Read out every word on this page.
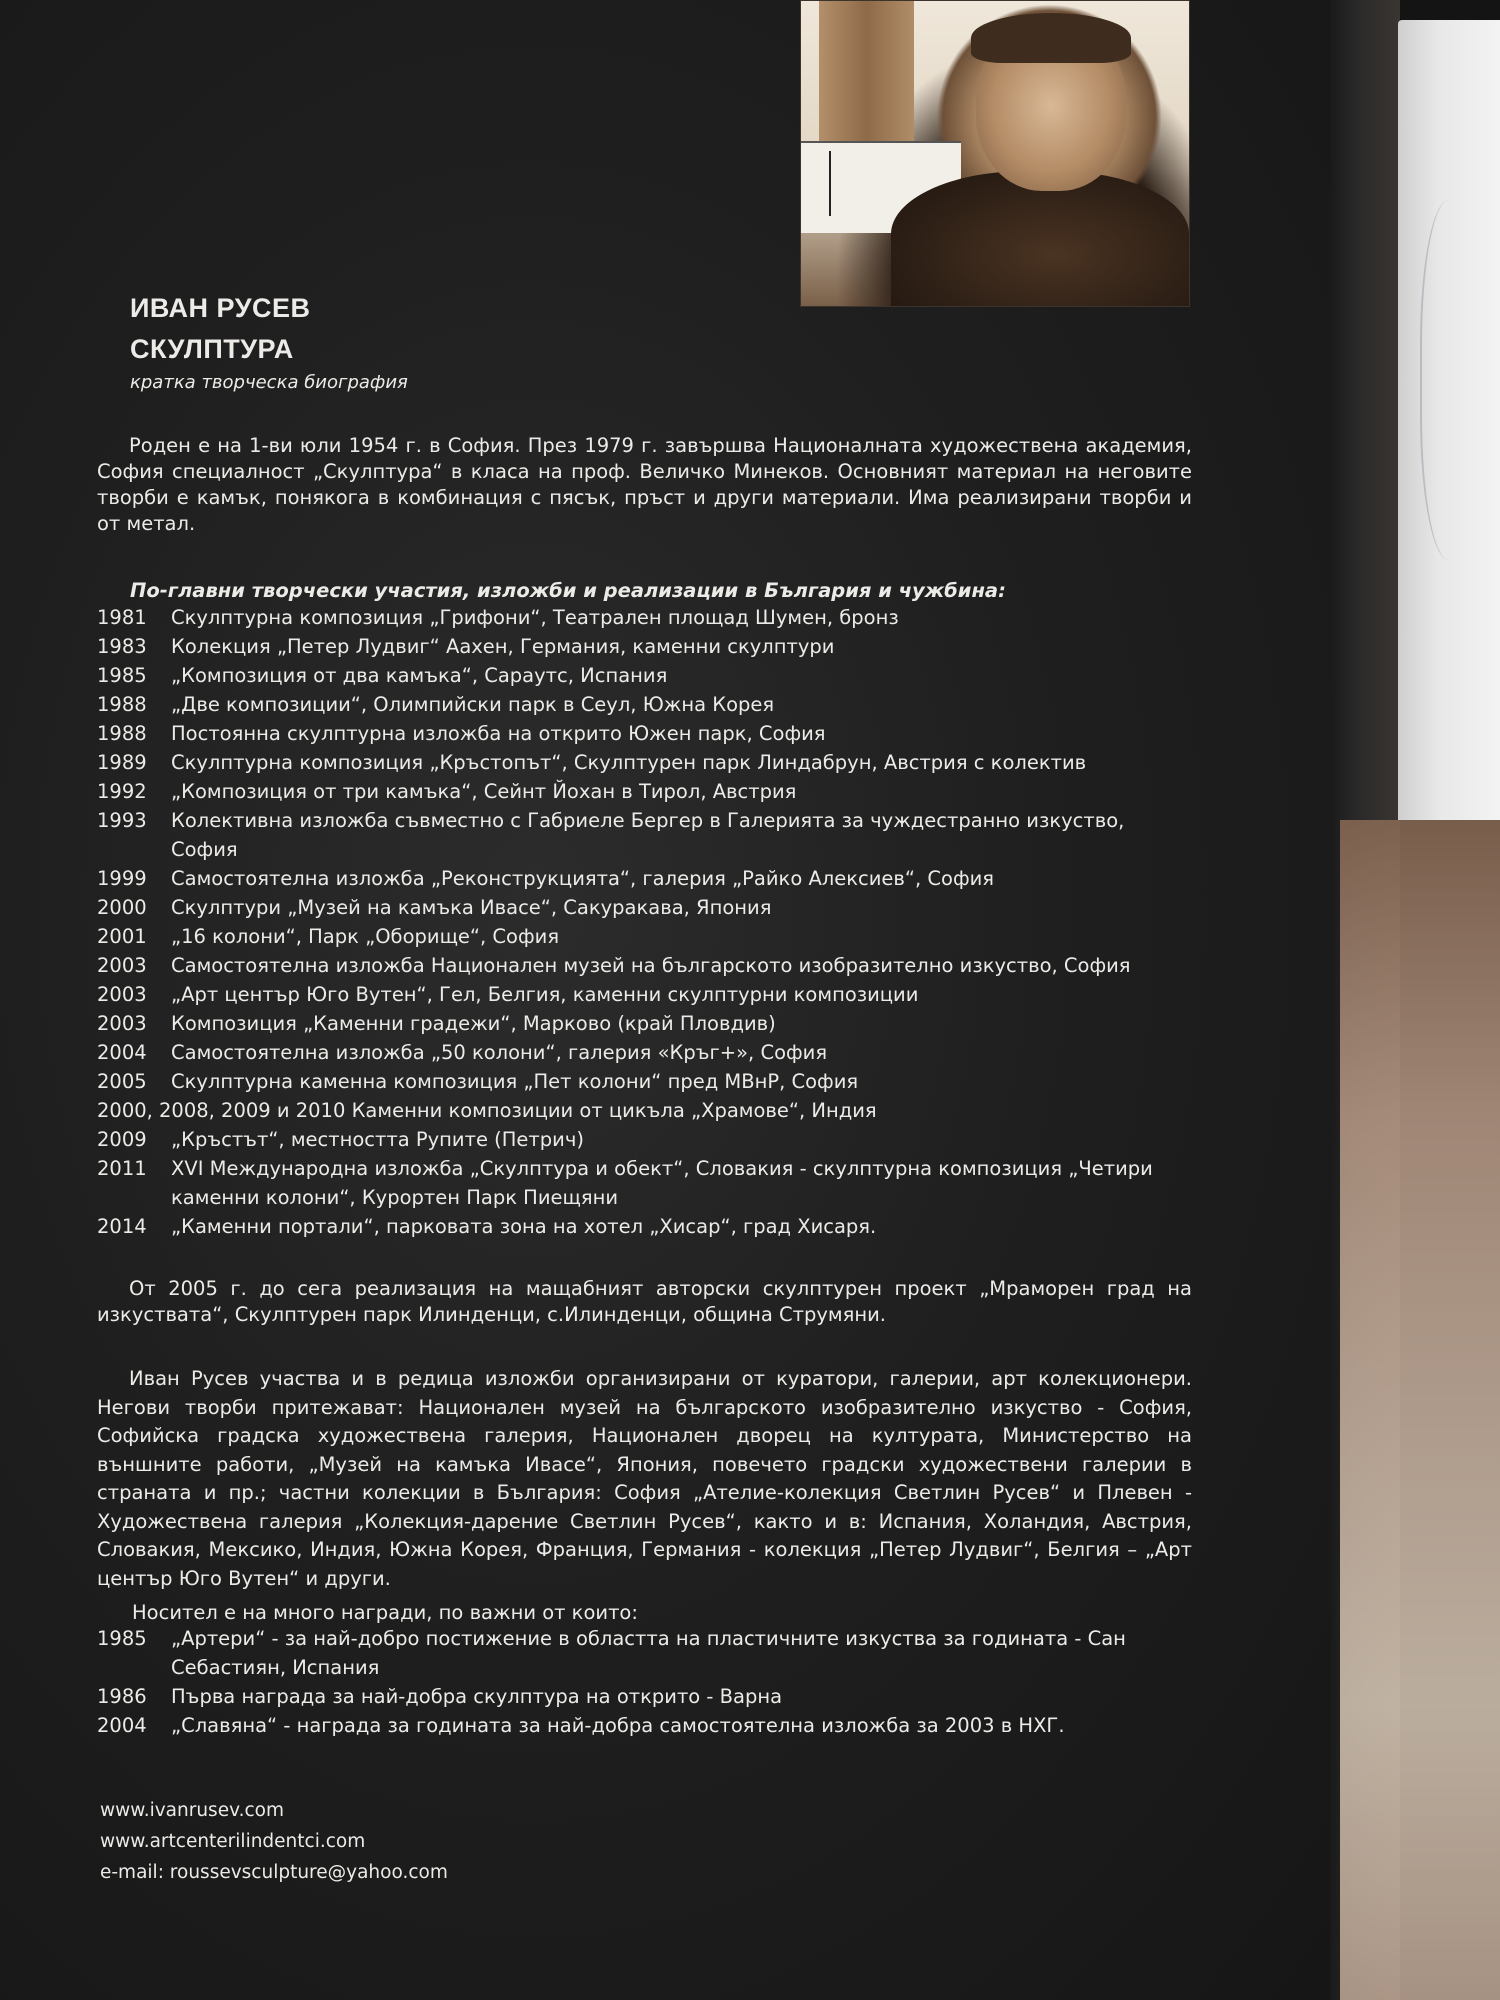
ИВАН РУСЕВ
СКУЛПТУРА
кратка творческа биография
Роден е на 1-ви юли 1954 г. в София. През 1979 г. завършва Националната художествена академия, София специалност „Скулптура“ в класа на проф. Величко Минеков. Основният материал на неговите творби е камък, понякога в комбинация с пясък, пръст и други материали. Има реализирани творби и от метал.
По-главни творчески участия, изложби и реализации в България и чужбина:
1981	Скулптурна композиция „Грифони“, Театрален площад Шумен, бронз
1983	Колекция „Петер Лудвиг“ Аахен, Германия, каменни скулптури
1985	„Композиция от два камъка“, Сараутс, Испания
1988	„Две композиции“, Олимпийски парк в Сеул, Южна Корея
1988	Постоянна скулптурна изложба на открито Южен парк, София
1989	Скулптурна композиция „Кръстопът“, Скулптурен парк Линдабрун, Австрия с колектив
1992	„Композиция от три камъка“, Сейнт Йохан в Тирол, Австрия
1993	Колективна изложба съвместно с Габриеле Бергер в Галерията за чуждестранно изкуство, София
1999	Самостоятелна изложба „Реконструкцията“, галерия „Райко Алексиев“, София
2000	Скулптури „Музей на камъка Ивасе“, Сакуракава, Япония
2001	„16 колони“, Парк „Оборище“, София
2003	Самостоятелна изложба Национален музей на българското изобразително изкуство, София
2003	„Арт център Юго Вутен“, Гел, Белгия, каменни скулптурни композиции
2003	Композиция „Каменни градежи“, Марково (край Пловдив)
2004	Самостоятелна изложба „50 колони“, галерия «Кръг+», София
2005	Скулптурна каменна композиция „Пет колони“ пред МВнР, София
2000, 2008, 2009 и 2010 Каменни композиции от цикъла „Храмове“, Индия
2009	„Кръстът“, местността Рупите (Петрич)
2011	XVI Международна изложба „Скулптура и обект“, Словакия - скулптурна композиция „Четири каменни колони“, Курортен Парк Пиещяни
2014	„Каменни портали“, парковата зона на хотел „Хисар“, град Хисаря.
От 2005 г. до сега реализация на мащабният авторски скулптурен проект „Мраморен град на изкуствата“, Скулптурен парк Илинденци, с.Илинденци, община Струмяни.
Иван Русев участва и в редица изложби организирани от куратори, галерии, арт колекционери. Негови творби притежават: Национален музей на българското изобразително изкуство - София, Софийска градска художествена галерия, Национален дворец на културата, Министерство на външните работи, „Музей на камъка Ивасе“, Япония, повечето градски художествени галерии в страната и пр.; частни колекции в България: София „Ателие-колекция Светлин Русев“ и Плевен - Художествена галерия „Колекция-дарение Светлин Русев“, както и в: Испания, Холандия, Австрия, Словакия, Мексико, Индия, Южна Корея, Франция, Германия - колекция „Петер Лудвиг“, Белгия – „Арт център Юго Вутен“ и други.
Носител е на много награди, по важни от които:
1985	„Артери“ - за най-добро постижение в областта на пластичните изкуства за годината - Сан Себастиян, Испания
1986	Първа награда за най-добра скулптура на открито - Варна
2004	„Славяна“ - награда за годината за най-добра самостоятелна изложба за 2003 в НХГ.
www.ivanrusev.com
www.artcenterilindentci.com
e-mail: roussevsculpture@yahoo.com
